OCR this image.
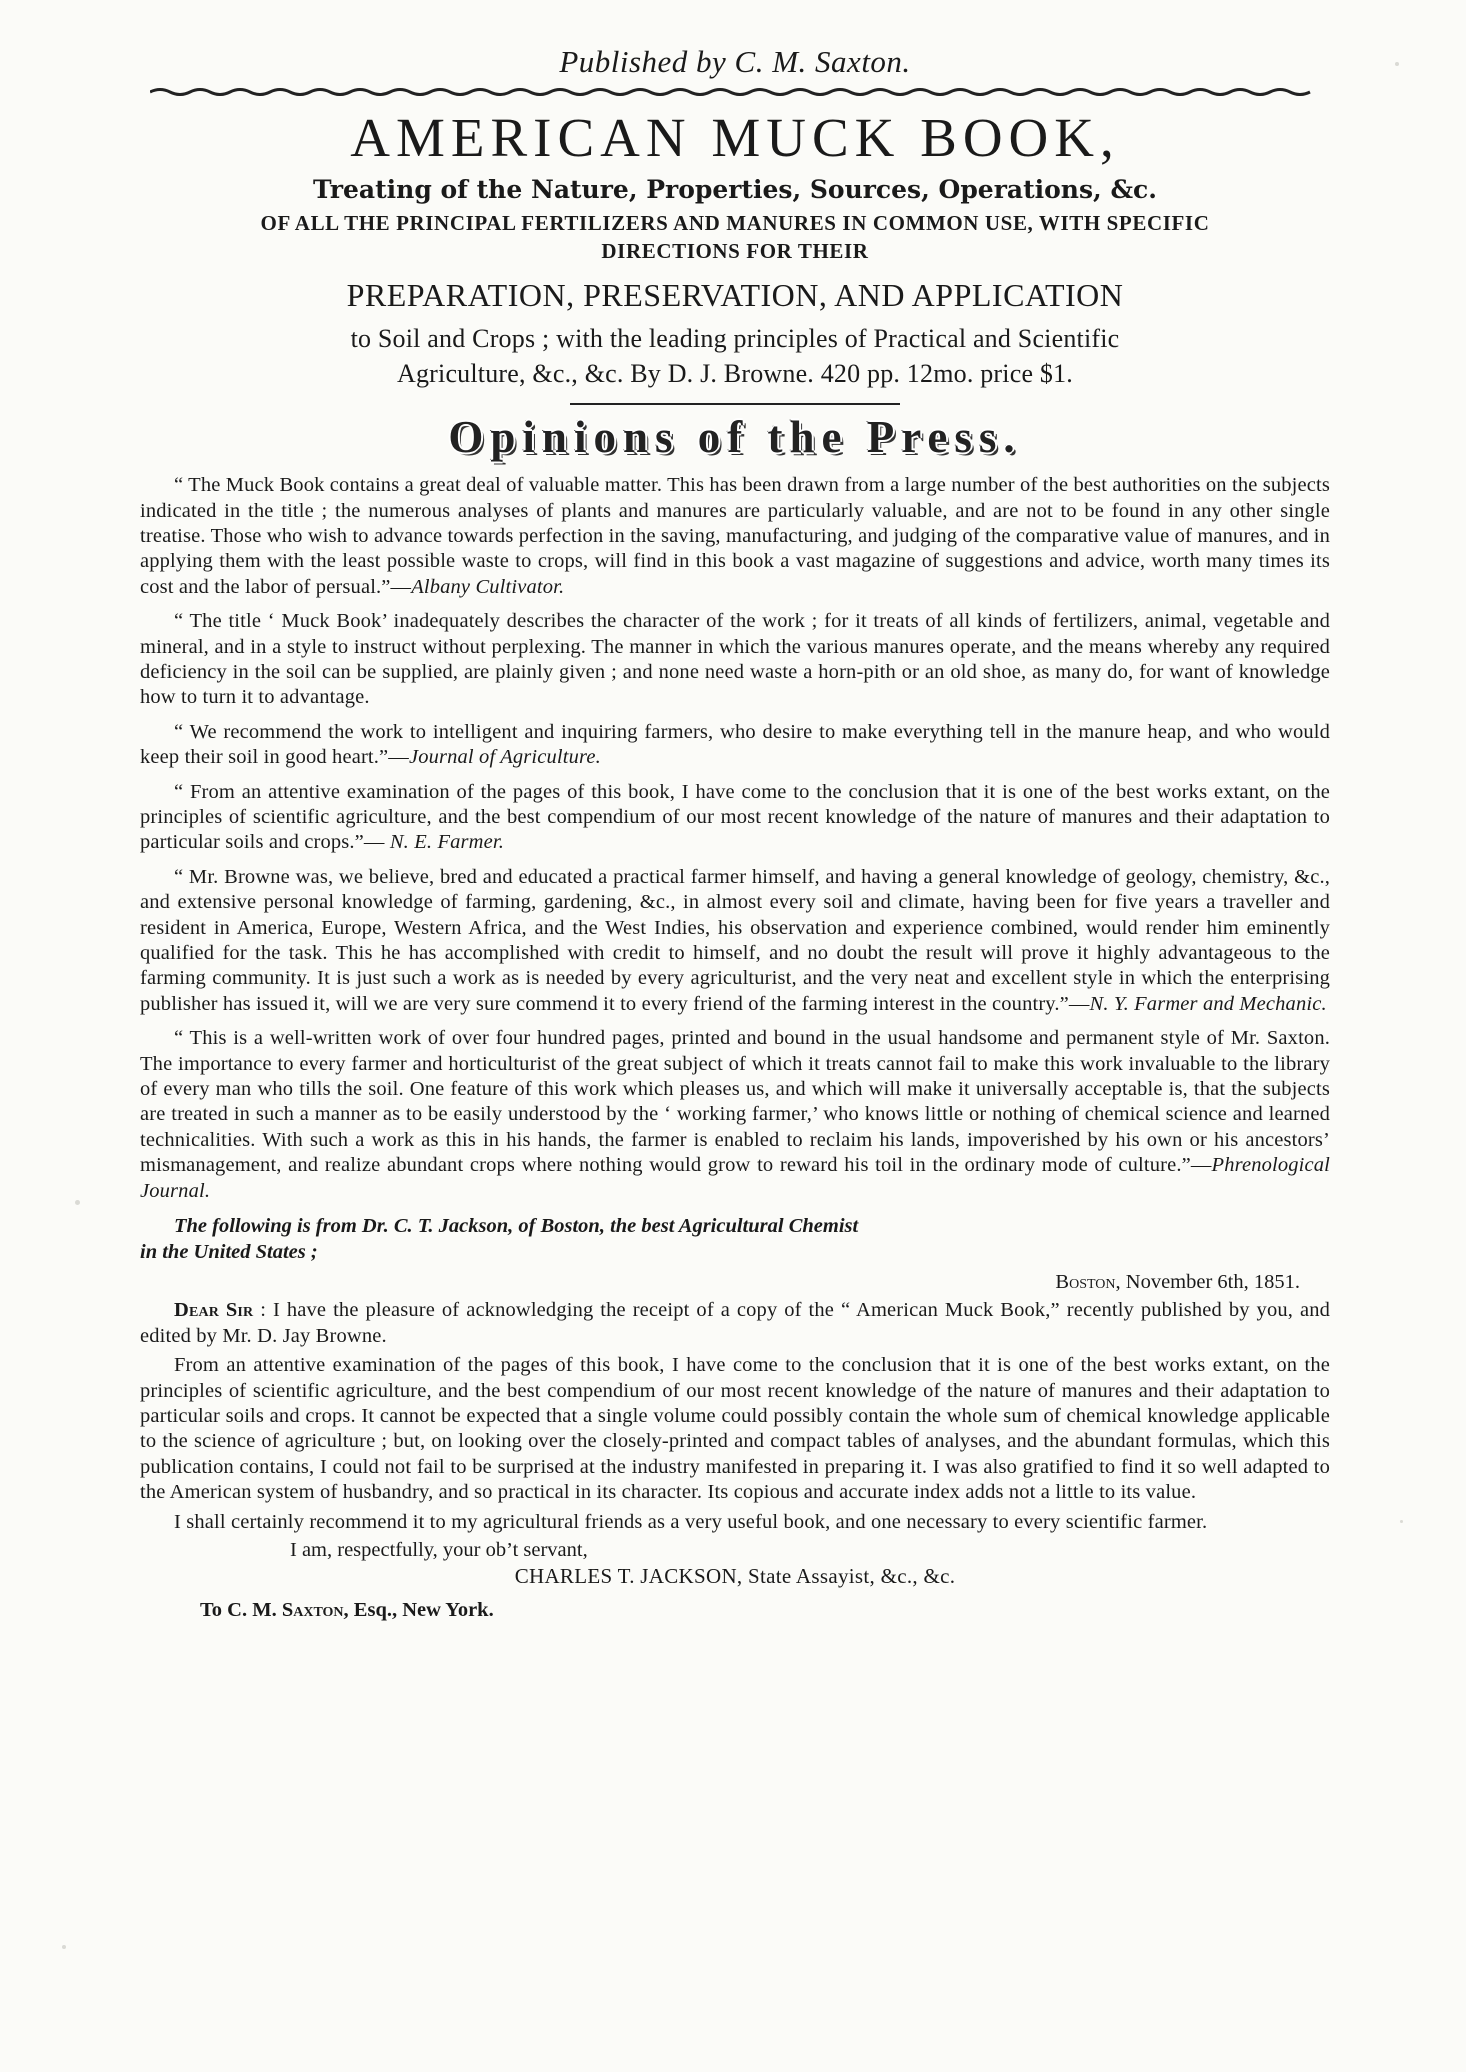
Published by C. M. Saxton.
AMERICAN MUCK BOOK,
Treating of the Nature, Properties, Sources, Operations, &c.
OF ALL THE PRINCIPAL FERTILIZERS AND MANURES IN COMMON USE, WITH SPECIFIC
DIRECTIONS FOR THEIR
PREPARATION, PRESERVATION, AND APPLICATION
to Soil and Crops ; with the leading principles of Practical and Scientific
Agriculture, &c., &c. By D. J. Browne. 420 pp. 12mo. price $1.
Opinions of the Press.

“ The Muck Book contains a great deal of valuable matter. This has been drawn from a large number of the best authorities on the subjects indicated in the title ; the numerous analyses of plants and manures are particularly valuable, and are not to be found in any other single treatise. Those who wish to advance towards perfection in the saving, manufacturing, and judging of the comparative value of manures, and in applying them with the least possible waste to crops, will find in this book a vast magazine of suggestions and advice, worth many times its cost and the labor of persual.”—Albany Cultivator.

“ The title ‘ Muck Book’ inadequately describes the character of the work ; for it treats of all kinds of fertilizers, animal, vegetable and mineral, and in a style to instruct without perplexing. The manner in which the various manures operate, and the means whereby any required deficiency in the soil can be supplied, are plainly given ; and none need waste a horn-pith or an old shoe, as many do, for want of knowledge how to turn it to advantage.

“ We recommend the work to intelligent and inquiring farmers, who desire to make everything tell in the manure heap, and who would keep their soil in good heart.”—Journal of Agriculture.

“ From an attentive examination of the pages of this book, I have come to the conclusion that it is one of the best works extant, on the principles of scientific agriculture, and the best compendium of our most recent knowledge of the nature of manures and their adaptation to particular soils and crops.”— N. E. Farmer.

“ Mr. Browne was, we believe, bred and educated a practical farmer himself, and having a general knowledge of geology, chemistry, &c., and extensive personal knowledge of farming, gardening, &c., in almost every soil and climate, having been for five years a traveller and resident in America, Europe, Western Africa, and the West Indies, his observation and experience combined, would render him eminently qualified for the task. This he has accomplished with credit to himself, and no doubt the result will prove it highly advantageous to the farming community. It is just such a work as is needed by every agriculturist, and the very neat and excellent style in which the enterprising publisher has issued it, will we are very sure commend it to every friend of the farming interest in the country.”—N. Y. Farmer and Mechanic.

“ This is a well-written work of over four hundred pages, printed and bound in the usual handsome and permanent style of Mr. Saxton. The importance to every farmer and horticulturist of the great subject of which it treats cannot fail to make this work invaluable to the library of every man who tills the soil. One feature of this work which pleases us, and which will make it universally acceptable is, that the subjects are treated in such a manner as to be easily understood by the ‘ working farmer,’ who knows little or nothing of chemical science and learned technicalities. With such a work as this in his hands, the farmer is enabled to reclaim his lands, impoverished by his own or his ancestors’ mismanagement, and realize abundant crops where nothing would grow to reward his toil in the ordinary mode of culture.”—Phrenological Journal.

The following is from Dr. C. T. Jackson, of Boston, the best Agricultural Chemist
in the United States ;
Boston, November 6th, 1851.

Dear Sir : I have the pleasure of acknowledging the receipt of a copy of the “ American Muck Book,” recently published by you, and edited by Mr. D. Jay Browne.

From an attentive examination of the pages of this book, I have come to the conclusion that it is one of the best works extant, on the principles of scientific agriculture, and the best compendium of our most recent knowledge of the nature of manures and their adaptation to particular soils and crops. It cannot be expected that a single volume could possibly contain the whole sum of chemical knowledge applicable to the science of agriculture ; but, on looking over the closely-printed and compact tables of analyses, and the abundant formulas, which this publication contains, I could not fail to be surprised at the industry manifested in preparing it. I was also gratified to find it so well adapted to the American system of husbandry, and so practical in its character. Its copious and accurate index adds not a little to its value.

I shall certainly recommend it to my agricultural friends as a very useful book, and one necessary to every scientific farmer.

I am, respectfully, your ob’t servant,
CHARLES T. JACKSON, State Assayist, &c., &c.
To C. M. Saxton, Esq., New York.
